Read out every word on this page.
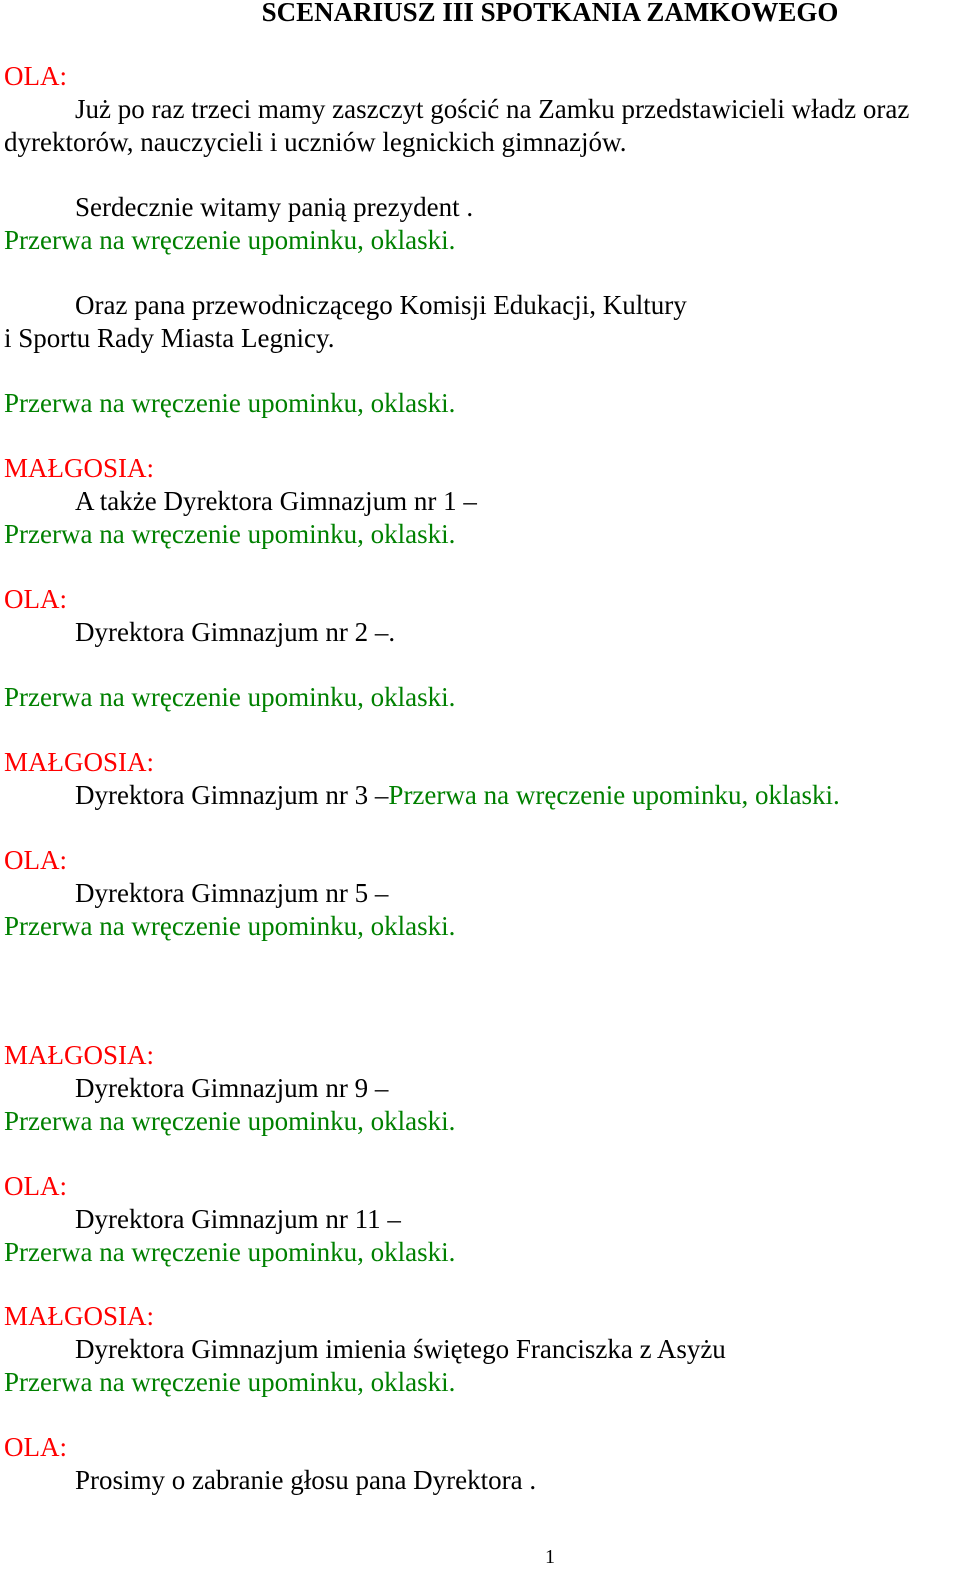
SCENARIUSZ III SPOTKANIA ZAMKOWEGO
OLA:
Już po raz trzeci mamy zaszczyt gościć na Zamku przedstawicieli władz oraz
dyrektorów, nauczycieli i uczniów legnickich gimnazjów.
Serdecznie witamy panią prezydent .
Przerwa na wręczenie upominku, oklaski.
Oraz pana przewodniczącego Komisji Edukacji, Kultury
i Sportu Rady Miasta Legnicy.
Przerwa na wręczenie upominku, oklaski.
MAŁGOSIA:
A także Dyrektora Gimnazjum nr 1 –
Przerwa na wręczenie upominku, oklaski.
OLA:
Dyrektora Gimnazjum nr 2 –.
Przerwa na wręczenie upominku, oklaski.
MAŁGOSIA:
Dyrektora Gimnazjum nr 3 –Przerwa na wręczenie upominku, oklaski.
OLA:
Dyrektora Gimnazjum nr 5 –
Przerwa na wręczenie upominku, oklaski.
MAŁGOSIA:
Dyrektora Gimnazjum nr 9 –
Przerwa na wręczenie upominku, oklaski.
OLA:
Dyrektora Gimnazjum nr 11 –
Przerwa na wręczenie upominku, oklaski.
MAŁGOSIA:
Dyrektora Gimnazjum imienia świętego Franciszka z Asyżu
Przerwa na wręczenie upominku, oklaski.
OLA:
Prosimy o zabranie głosu pana Dyrektora .
1
